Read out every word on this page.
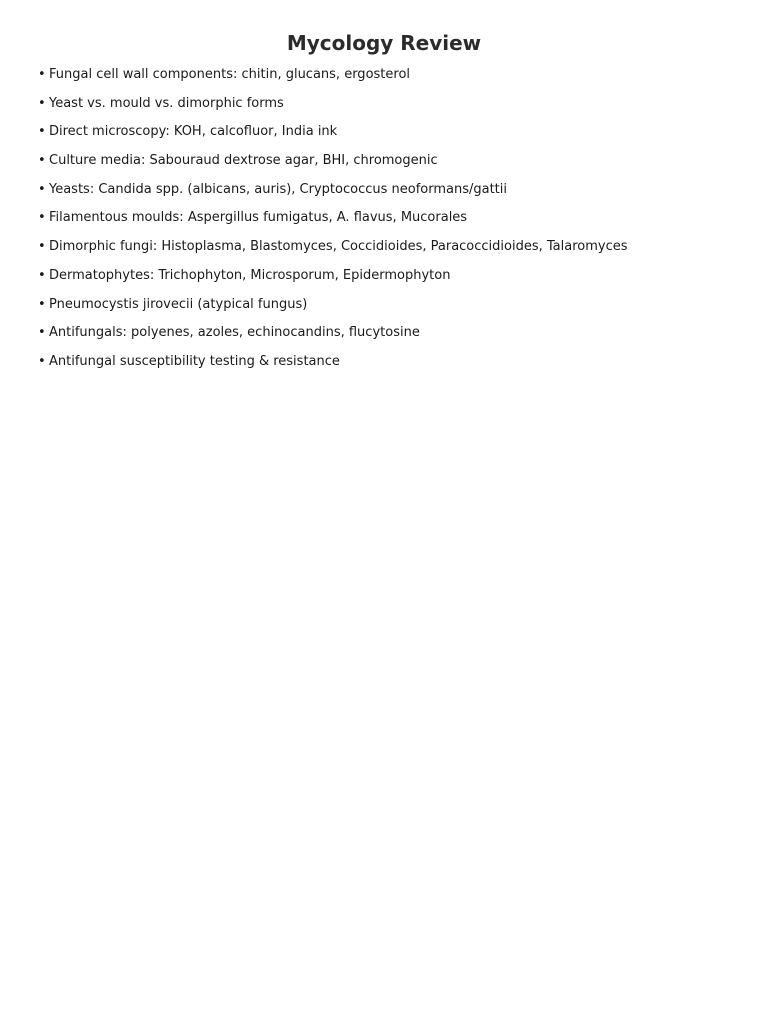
Mycology Review
• Fungal cell wall components: chitin, glucans, ergosterol
• Yeast vs. mould vs. dimorphic forms
• Direct microscopy: KOH, calcofluor, India ink
• Culture media: Sabouraud dextrose agar, BHI, chromogenic
• Yeasts: Candida spp. (albicans, auris), Cryptococcus neoformans/gattii
• Filamentous moulds: Aspergillus fumigatus, A. flavus, Mucorales
• Dimorphic fungi: Histoplasma, Blastomyces, Coccidioides, Paracoccidioides, Talaromyces
• Dermatophytes: Trichophyton, Microsporum, Epidermophyton
• Pneumocystis jirovecii (atypical fungus)
• Antifungals: polyenes, azoles, echinocandins, flucytosine
• Antifungal susceptibility testing & resistance
